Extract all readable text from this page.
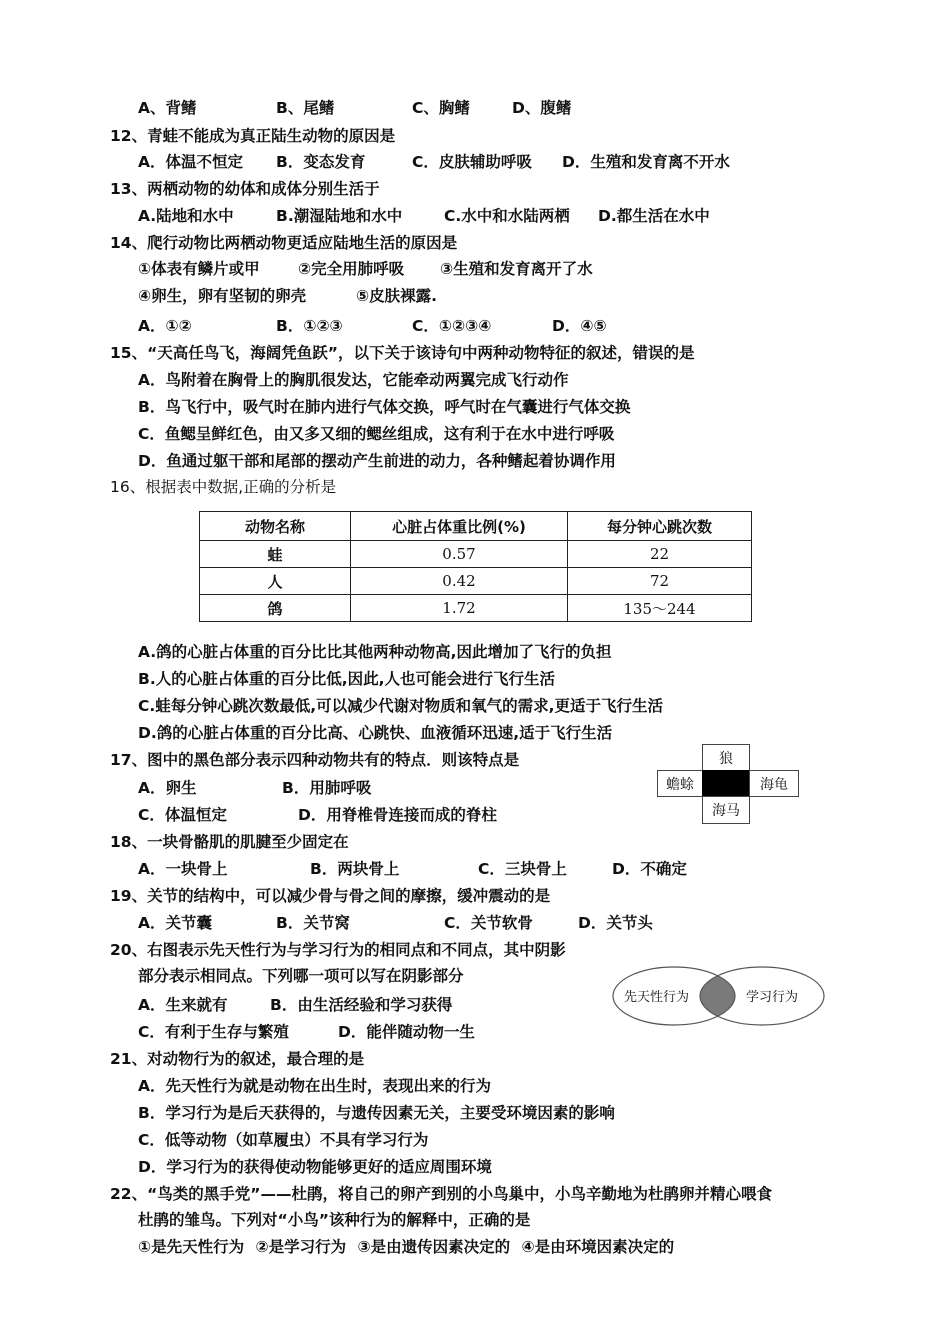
A、背鳍	B、尾鳍	C、胸鳍	D、腹鳍
12、青蛙不能成为真正陆生动物的原因是
A．体温不恒定 B．变态发育	C．皮肤辅助呼吸 D．生殖和发育离不开水
13、两栖动物的幼体和成体分别生活于
A.陆地和水中	B.潮湿陆地和水中	C.水中和水陆两栖 D.都生活在水中
14、爬行动物比两栖动物更适应陆地生活的原因是
①体表有鳞片或甲 ②完全用肺呼吸 ③生殖和发育离开了水
④卵生，卵有坚韧的卵壳	⑤皮肤裸露.
A．①②	B．①②③	C．①②③④	D．④⑤
15、“天高任鸟飞，海阔凭鱼跃”，以下关于该诗句中两种动物特征的叙述，错误的是
A．鸟附着在胸骨上的胸肌很发达，它能牵动两翼完成飞行动作
B．鸟飞行中，吸气时在肺内进行气体交换，呼气时在气囊进行气体交换
C．鱼鳃呈鲜红色，由又多又细的鳃丝组成，这有利于在水中进行呼吸
D．鱼通过躯干部和尾部的摆动产生前进的动力，各种鳍起着协调作用
16、根据表中数据,正确的分析是
动物名称	心脏占体重比例(%)	每分钟心跳次数
蛙	0.57	22
人	0.42	72
鸽	1.72	135～244
A.鸽的心脏占体重的百分比比其他两种动物高,因此增加了飞行的负担
B.人的心脏占体重的百分比低,因此,人也可能会进行飞行生活
C.蛙每分钟心跳次数最低,可以减少代谢对物质和氧气的需求,更适于飞行生活
D.鸽的心脏占体重的百分比高、心跳快、血液循环迅速,适于飞行生活
17、图中的黑色部分表示四种动物共有的特点．则该特点是
A．卵生	B．用肺呼吸
C．体温恒定	D．用脊椎骨连接而成的脊柱
狼
蟾蜍	海龟
海马
18、一块骨骼肌的肌腱至少固定在
A．一块骨上	B．两块骨上	C．三块骨上	D．不确定
19、关节的结构中，可以减少骨与骨之间的摩擦，缓冲震动的是
A．关节囊	B．关节窝	C．关节软骨	D．关节头
20、右图表示先天性行为与学习行为的相同点和不同点，其中阴影
部分表示相同点。下列哪一项可以写在阴影部分
A．生来就有	B．由生活经验和学习获得
C．有利于生存与繁殖	D．能伴随动物一生
先天性行为	学习行为
21、对动物行为的叙述，最合理的是
A．先天性行为就是动物在出生时，表现出来的行为
B．学习行为是后天获得的，与遗传因素无关，主要受环境因素的影响
C．低等动物（如草履虫）不具有学习行为
D．学习行为的获得使动物能够更好的适应周围环境
22、“鸟类的黑手党”——杜鹃，将自己的卵产到别的小鸟巢中，小鸟辛勤地为杜鹃卵并精心喂食
杜鹃的雏鸟。下列对“小鸟”该种行为的解释中，正确的是
①是先天性行为 ②是学习行为 ③是由遗传因素决定的 ④是由环境因素决定的
